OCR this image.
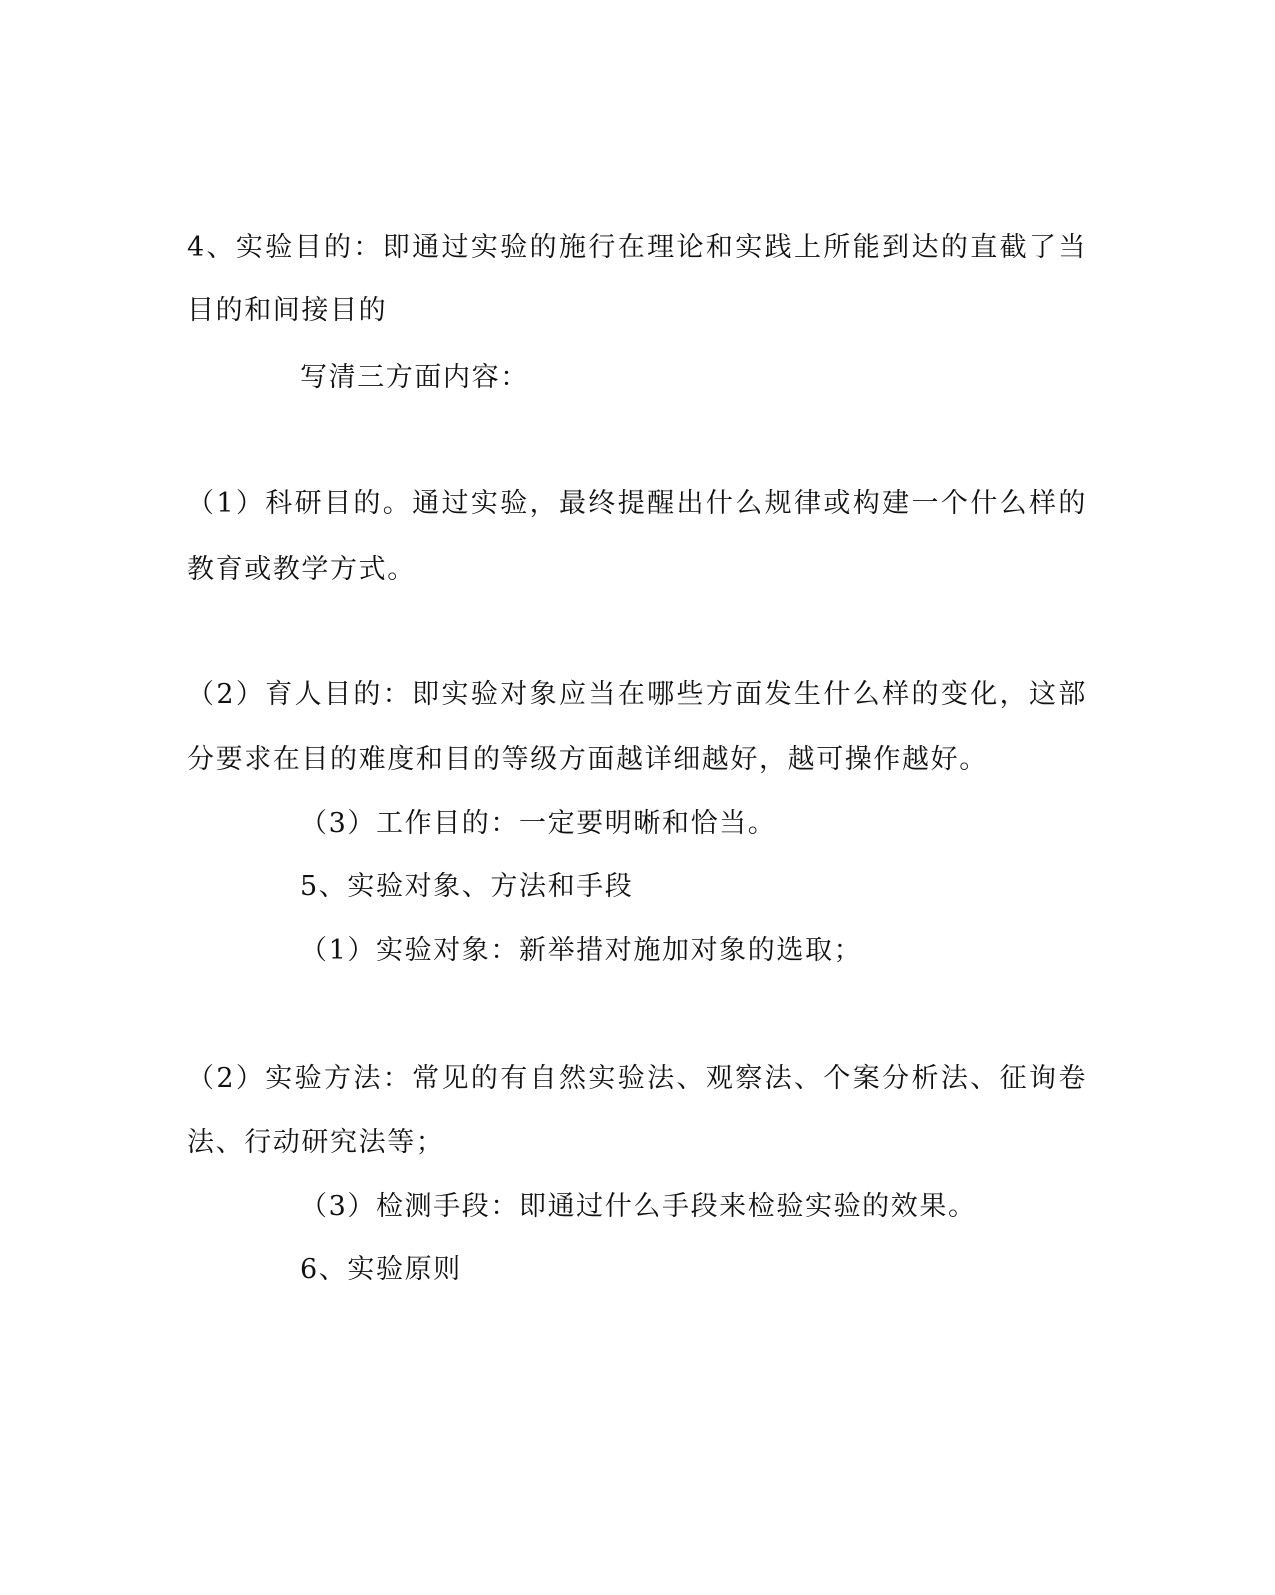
4、实验目的：即通过实验的施行在理论和实践上所能到达的直截了当
目的和间接目的
写清三方面内容：
（1）科研目的。通过实验，最终提醒出什么规律或构建一个什么样的
教育或教学方式。
（2）育人目的：即实验对象应当在哪些方面发生什么样的变化，这部
分要求在目的难度和目的等级方面越详细越好，越可操作越好。
（3）工作目的：一定要明晰和恰当。
5、实验对象、方法和手段
（1）实验对象：新举措对施加对象的选取；
（2）实验方法：常见的有自然实验法、观察法、个案分析法、征询卷
法、行动研究法等；
（3）检测手段：即通过什么手段来检验实验的效果。
6、实验原则
